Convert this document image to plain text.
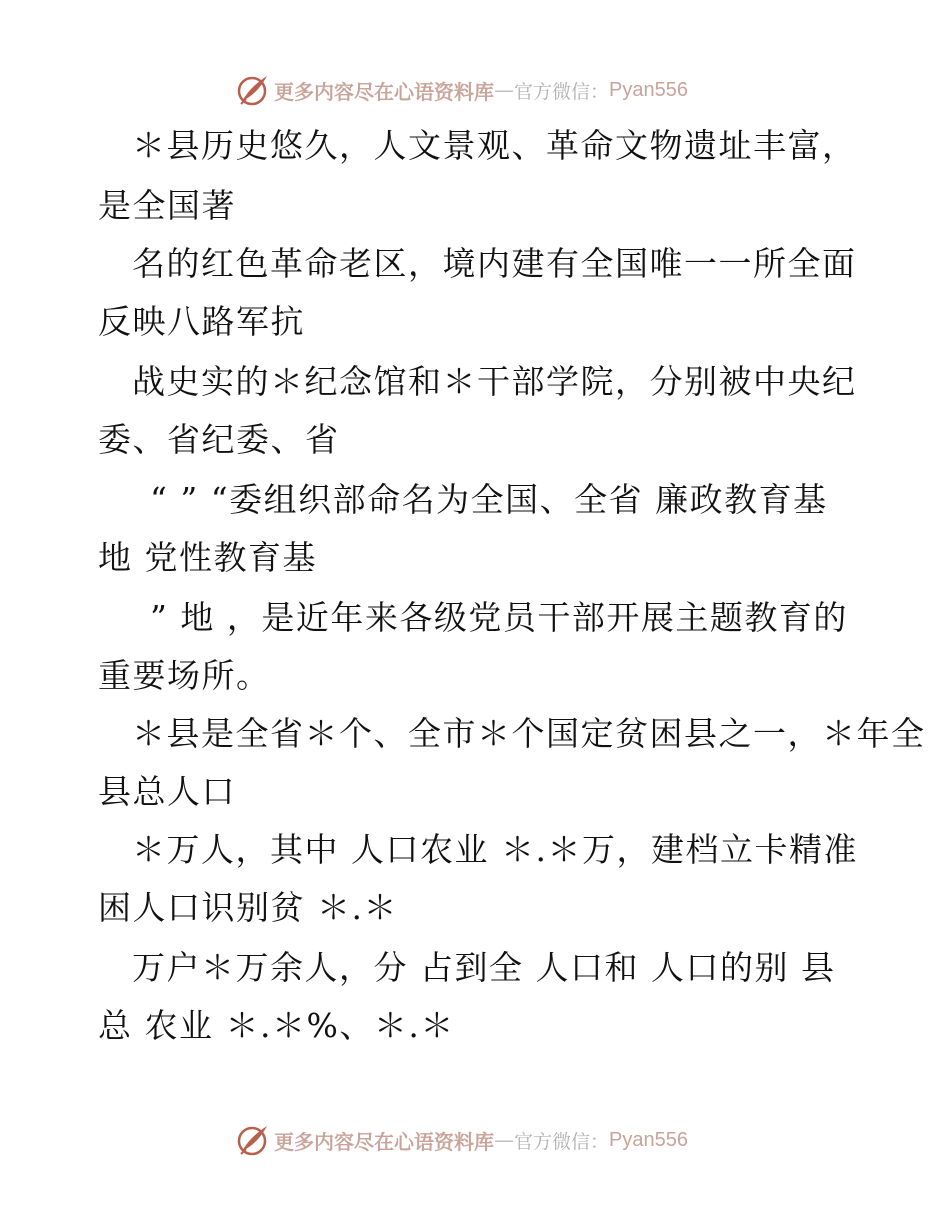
更多内容尽在心语资料库 — 官方微信： Pyan556
＊县历史悠久，人文景观、革命文物遗址丰富，
是全国著
名的红色革命老区，境内建有全国唯一一所全面
反映八路军抗
战史实的＊纪念馆和＊干部学院，分别被中央纪
委、省纪委、省
“ ” “委组织部命名为全国、全省 廉政教育基
地 党性教育基
” 地 ，是近年来各级党员干部开展主题教育的
重要场所。
＊县是全省＊个、全市＊个国定贫困县之一，＊年全
县总人口
＊万人，其中 人口农业 ＊.＊万，建档立卡精准
困人口识别贫 ＊.＊
万户＊万余人，分 占到全 人口和 人口的别 县
总 农业 ＊.＊%、＊.＊
更多内容尽在心语资料库 — 官方微信： Pyan556
